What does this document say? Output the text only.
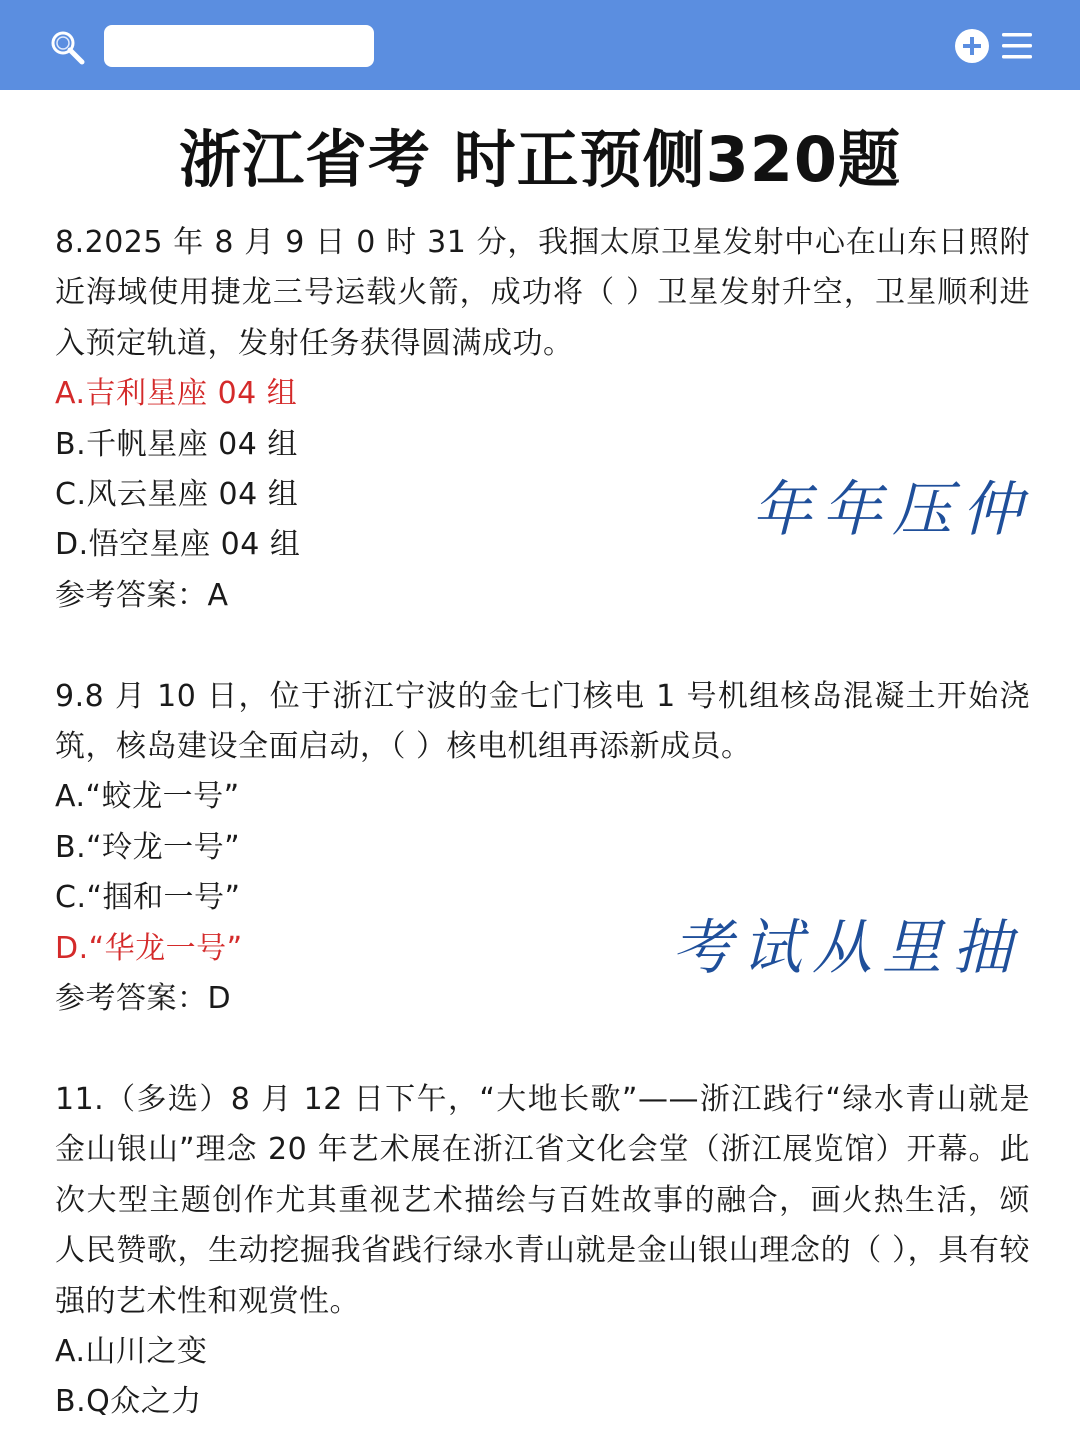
浙江省考 时正预侧320题

8.2025 年 8 月 9 日 0 时 31 分，我掴太原卫星发射中心在山东日照附近海域使用捷龙三号运载火箭，成功将（ ）卫星发射升空，卫星顺利进入预定轨道，发射任务获得圆满成功。

A.吉利星座 04 组

B.千帆星座 04 组

C.风云星座 04 组

D.悟空星座 04 组

参考答案：A

9.8 月 10 日，位于浙江宁波的金七门核电 1 号机组核岛混凝土开始浇筑，核岛建设全面启动，（ ）核电机组再添新成员。

A.“蛟龙一号”

B.“玲龙一号”

C.“掴和一号”

D.“华龙一号”

参考答案：D

11.（多选）8 月 12 日下午，“大地长歌”——浙江践行“绿水青山就是金山银山”理念 20 年艺术展在浙江省文化会堂（浙江展览馆）开幕。此次大型主题创作尤其重视艺术描绘与百姓故事的融合，画火热生活，颂人民赞歌，生动挖掘我省践行绿水青山就是金山银山理念的（ ），具有较强的艺术性和观赏性。

A.山川之变

B.Q众之力

年年压仲
考试从里抽
